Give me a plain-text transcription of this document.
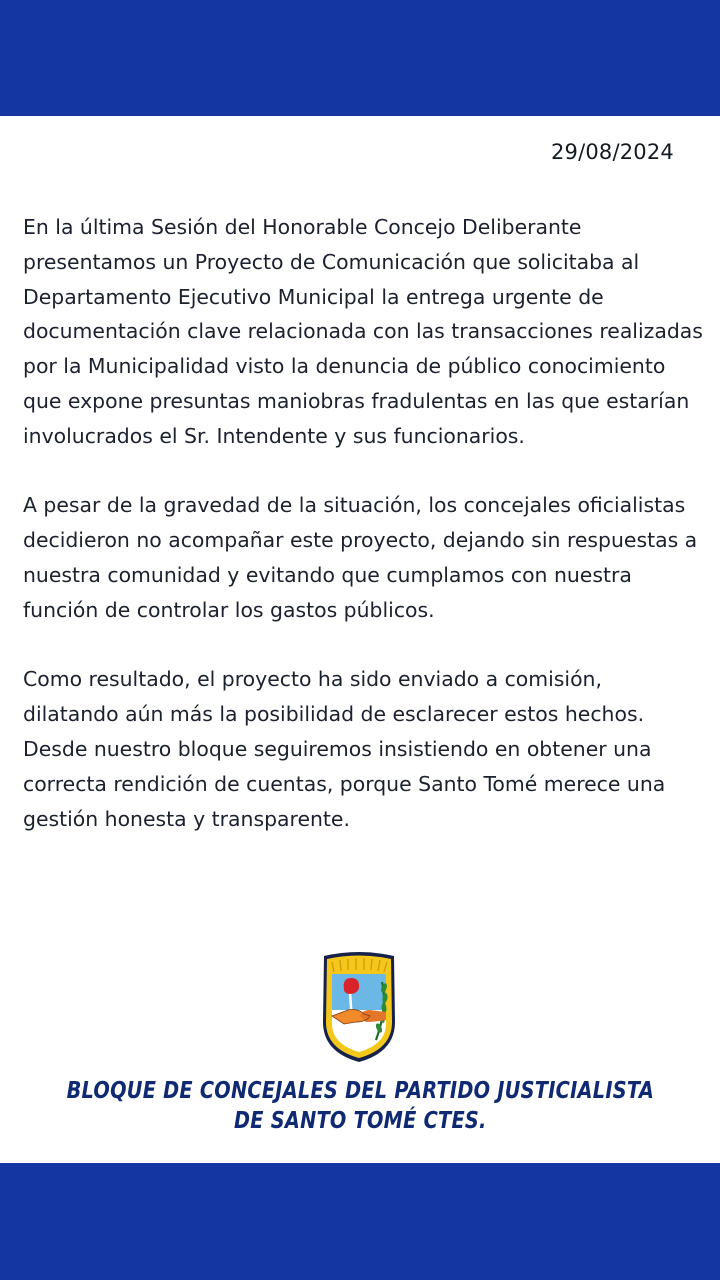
29/08/2024

En la última Sesión del Honorable Concejo Deliberante presentamos un Proyecto de Comunicación que solicitaba al Departamento Ejecutivo Municipal la entrega urgente de documentación clave relacionada con las transacciones realizadas por la Municipalidad visto la denuncia de público conocimiento que expone presuntas maniobras fradulentas en las que estarían involucrados el Sr. Intendente y sus funcionarios.

A pesar de la gravedad de la situación, los concejales oficialistas decidieron no acompañar este proyecto, dejando sin respuestas a nuestra comunidad y evitando que cumplamos con nuestra función de controlar los gastos públicos.

Como resultado, el proyecto ha sido enviado a comisión, dilatando aún más la posibilidad de esclarecer estos hechos. Desde nuestro bloque seguiremos insistiendo en obtener una correcta rendición de cuentas, porque Santo Tomé merece una gestión honesta y transparente.

BLOQUE DE CONCEJALES DEL PARTIDO JUSTICIALISTA
DE SANTO TOMÉ CTES.
